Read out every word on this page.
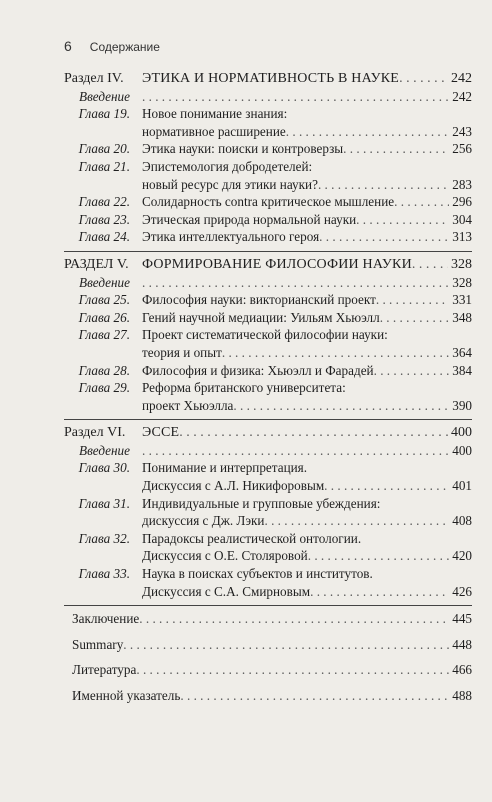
6 Содержание
Раздел IV.	ЭТИКА И НОРМАТИВНОСТЬ В НАУКЕ . . .	242
Введение . . .	242
Глава 19. Новое понимание знания:
нормативное расширение . . .	243
Глава 20. Этика науки: поиски и контроверзы . . .	256
Глава 21. Эпистемология добродетелей:
новый ресурс для этики науки? . . .	283
Глава 22. Солидарность contra критическое мышление . . .	296
Глава 23. Этическая природа нормальной науки . . .	304
Глава 24. Этика интеллектуального героя . . .	313
РАЗДЕЛ V. ФОРМИРОВАНИЕ ФИЛОСОФИИ НАУКИ . . .	328
Введение . . .	328
Глава 25. Философия науки: викторианский проект . . .	331
Глава 26. Гений научной медиации: Уильям Хьюэлл . . .	348
Глава 27. Проект систематической философии науки:
теория и опыт . . .	364
Глава 28. Философия и физика: Хьюэлл и Фарадей . . .	384
Глава 29. Реформа британского университета:
проект Хьюэлла . . .	390
Раздел VI.	ЭССЕ . . .	400
Введение . . .	400
Глава 30. Понимание и интерпретация.
Дискуссия с А.Л. Никифоровым . . .	401
Глава 31. Индивидуальные и групповые убеждения:
дискуссия с Дж. Лэки . . .	408
Глава 32. Парадоксы реалистической онтологии.
Дискуссия с О.Е. Столяровой . . .	420
Глава 33. Наука в поисках субъектов и институтов.
Дискуссия с С.А. Смирновым . . .	426
Заключение . . .	445
Summary . . .	448
Литература . . .	466
Именной указатель . . .	488
